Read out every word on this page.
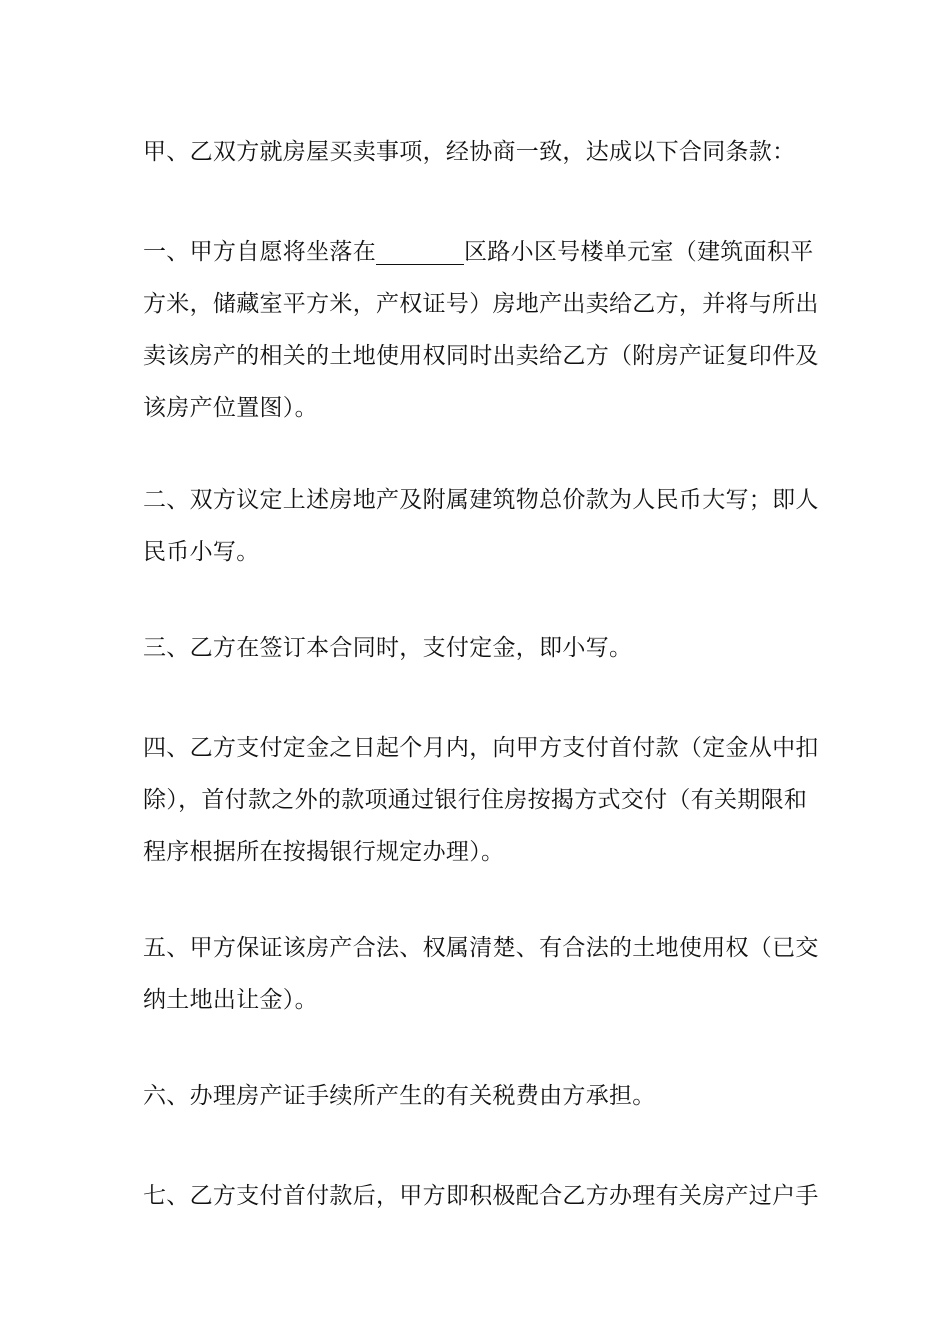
甲、乙双方就房屋买卖事项，经协商一致，达成以下合同条款：

一、甲方自愿将坐落在	区路小区号楼单元室（建筑面积平
方米，储藏室平方米，产权证号）房地产出卖给乙方，并将与所出
卖该房产的相关的土地使用权同时出卖给乙方（附房产证复印件及
该房产位置图）。

二、双方议定上述房地产及附属建筑物总价款为人民币大写；即人
民币小写。

三、乙方在签订本合同时，支付定金，即小写。

四、乙方支付定金之日起个月内，向甲方支付首付款（定金从中扣
除），首付款之外的款项通过银行住房按揭方式交付（有关期限和
程序根据所在按揭银行规定办理）。

五、甲方保证该房产合法、权属清楚、有合法的土地使用权（已交
纳土地出让金）。

六、办理房产证手续所产生的有关税费由方承担。

七、乙方支付首付款后，甲方即积极配合乙方办理有关房产过户手
